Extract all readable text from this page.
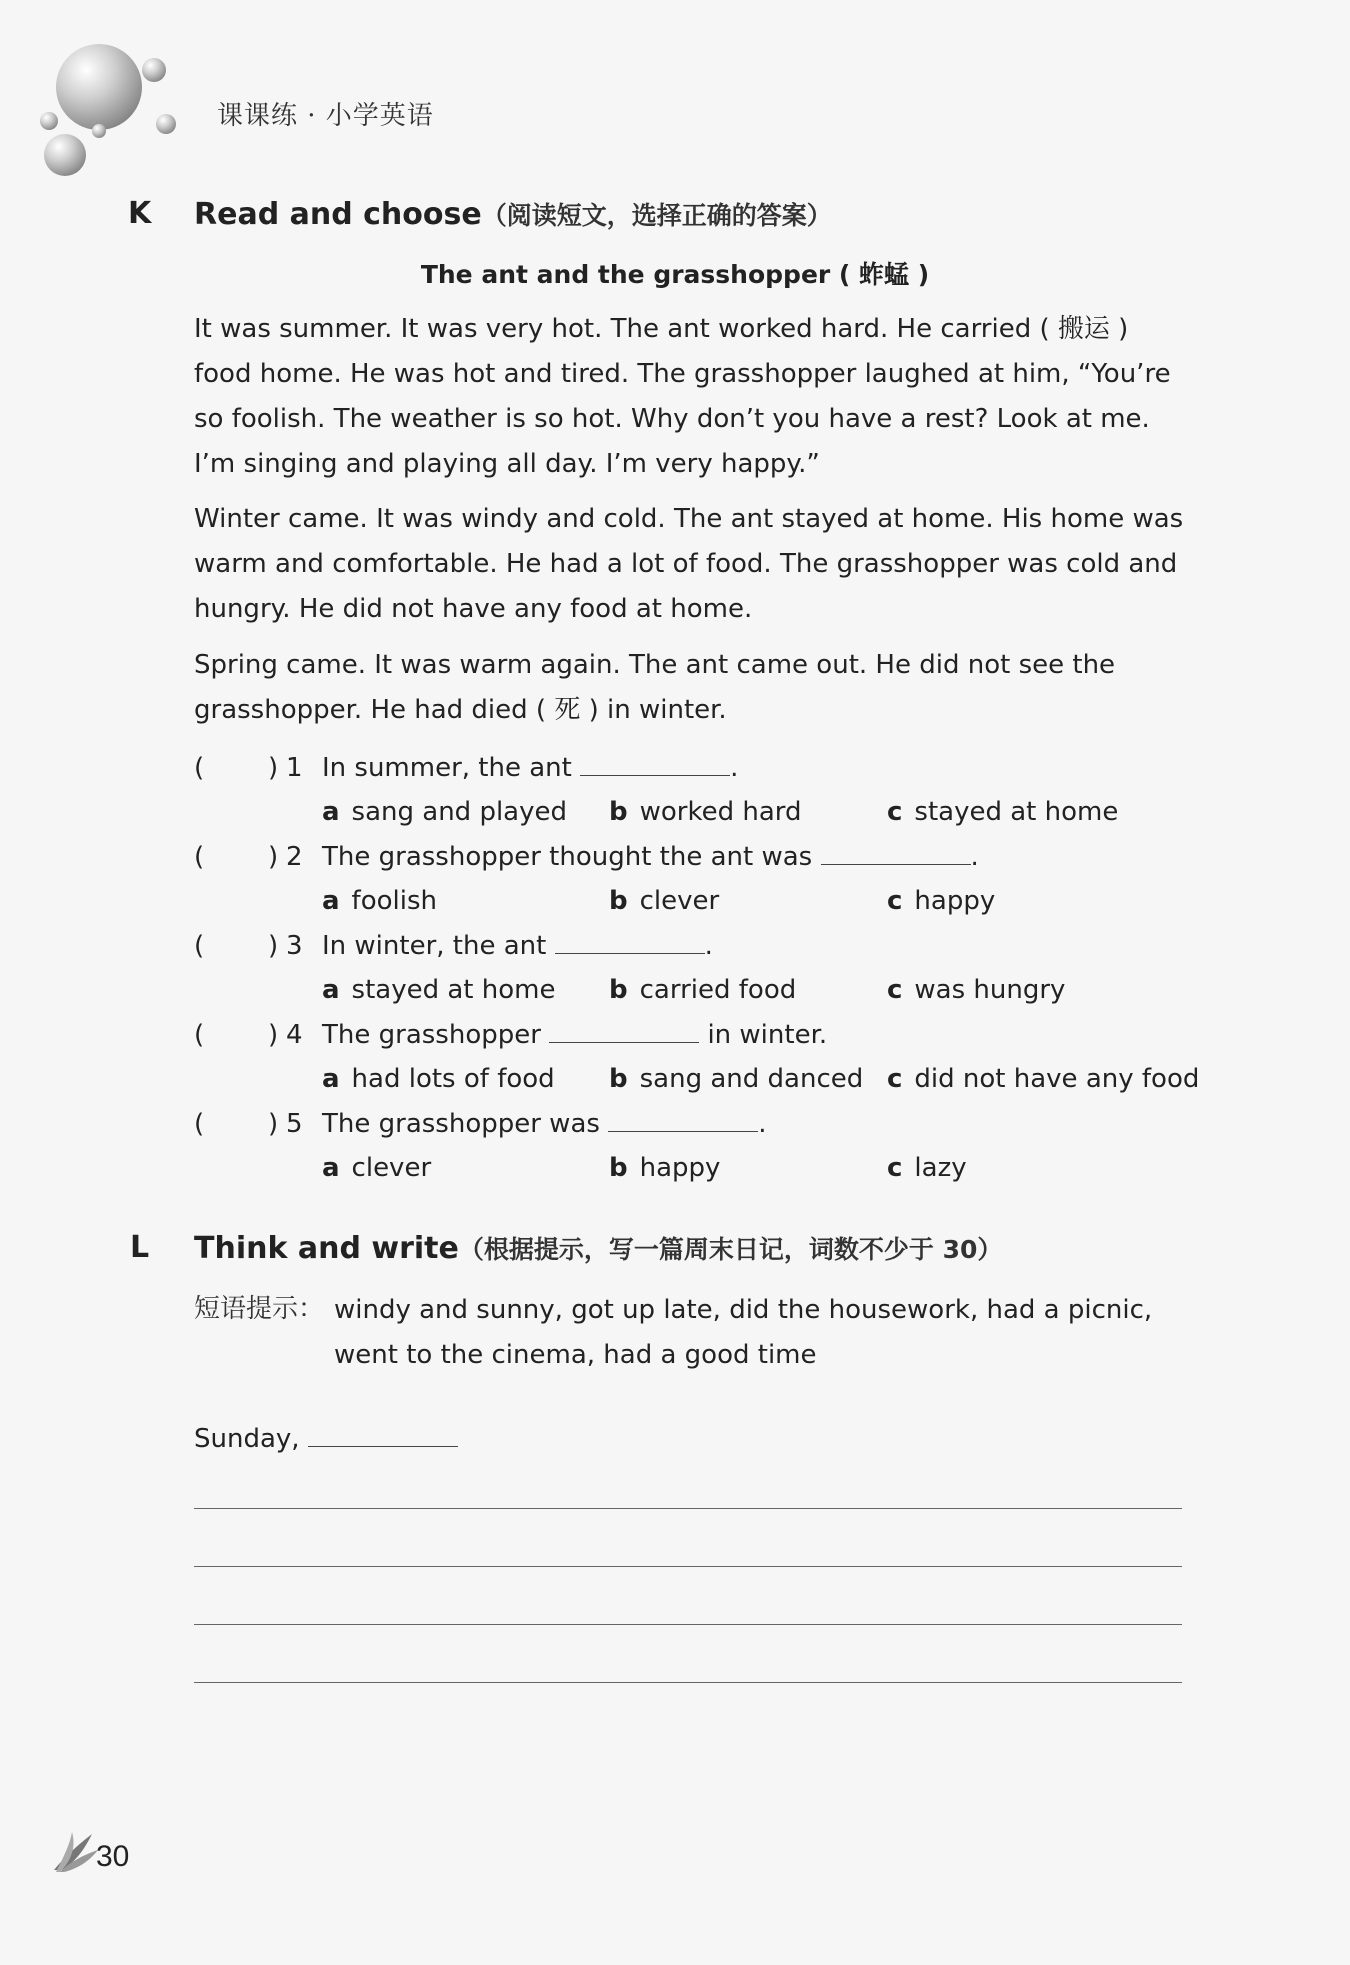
课课练 · 小学英语
K Read and choose（阅读短文，选择正确的答案）
The ant and the grasshopper ( 蚱蜢 )
It was summer. It was very hot. The ant worked hard. He carried ( 搬运 ) food home. He was hot and tired. The grasshopper laughed at him, “You’re so foolish. The weather is so hot. Why don’t you have a rest? Look at me. I’m singing and playing all day. I’m very happy.”
Winter came. It was windy and cold. The ant stayed at home. His home was warm and comfortable. He had a lot of food. The grasshopper was cold and hungry. He did not have any food at home.
Spring came. It was warm again. The ant came out. He did not see the grasshopper. He had died ( 死 ) in winter.
( ) 1 In summer, the ant	.
a sang and played b worked hard	c stayed at home
( ) 2 The grasshopper thought the ant was	.
a foolish	b clever	c happy
( ) 3 In winter, the ant	.
a stayed at home b carried food	c was hungry
( ) 4 The grasshopper	in winter.
a had lots of food b sang and danced c did not have any food
( ) 5 The grasshopper was	.
a clever	b happy	c lazy
L Think and write（根据提示，写一篇周末日记，词数不少于 30）
短语提示： windy and sunny, got up late, did the housework, had a picnic,
went to the cinema, had a good time
Sunday,
30
